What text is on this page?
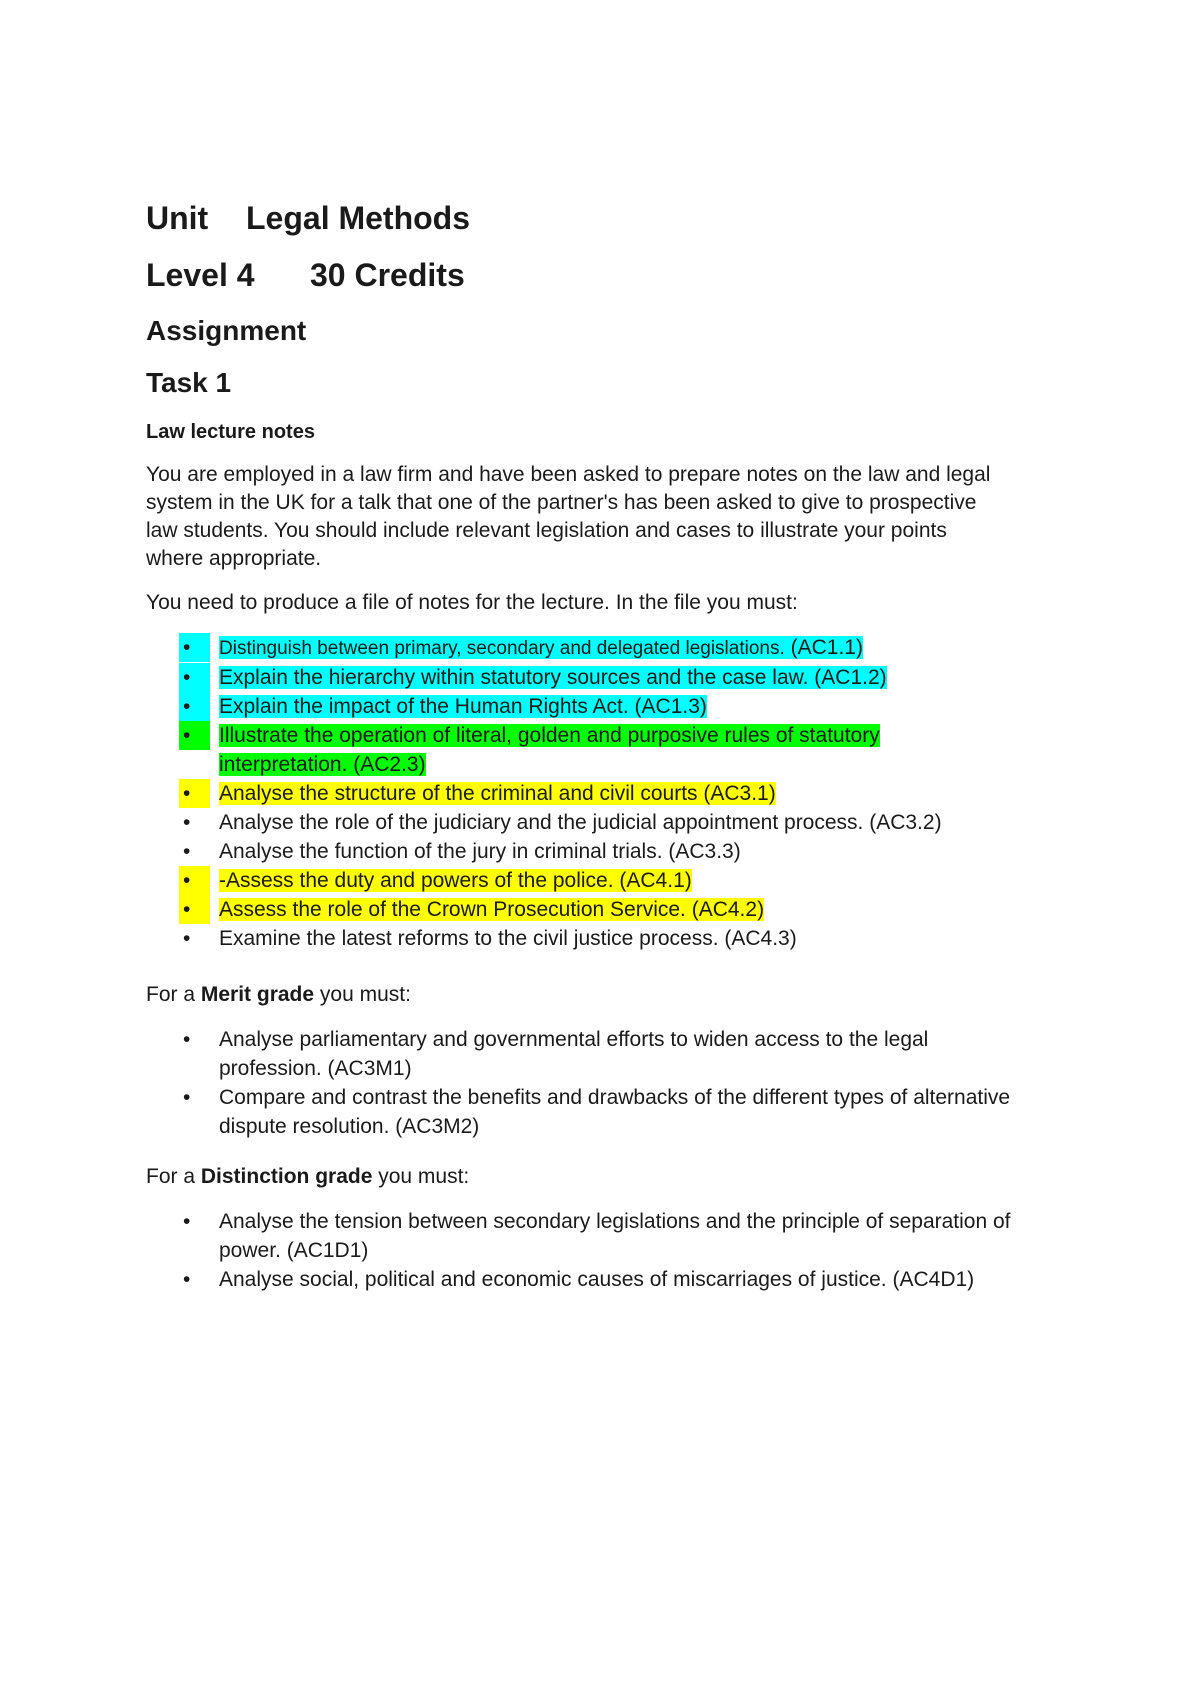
Unit Legal Methods
Level 4 30 Credits
Assignment
Task 1
Law lecture notes
You are employed in a law firm and have been asked to prepare notes on the law and legal
system in the UK for a talk that one of the partner's has been asked to give to prospective
law students. You should include relevant legislation and cases to illustrate your points
where appropriate.
You need to produce a file of notes for the lecture. In the file you must:
•	Distinguish between primary, secondary and delegated legislations. (AC1.1)
•	Explain the hierarchy within statutory sources and the case law. (AC1.2)
•	Explain the impact of the Human Rights Act. (AC1.3)
•	Illustrate the operation of literal, golden and purposive rules of statutory
interpretation. (AC2.3)
•	Analyse the structure of the criminal and civil courts (AC3.1)
• Analyse the role of the judiciary and the judicial appointment process. (AC3.2)
• Analyse the function of the jury in criminal trials. (AC3.3)
•	-Assess the duty and powers of the police. (AC4.1)
•	Assess the role of the Crown Prosecution Service. (AC4.2)
• Examine the latest reforms to the civil justice process. (AC4.3)
For a Merit grade you must:
• Analyse parliamentary and governmental efforts to widen access to the legal
profession. (AC3M1)
• Compare and contrast the benefits and drawbacks of the different types of alternative
dispute resolution. (AC3M2)
For a Distinction grade you must:
• Analyse the tension between secondary legislations and the principle of separation of
power. (AC1D1)
• Analyse social, political and economic causes of miscarriages of justice. (AC4D1)
